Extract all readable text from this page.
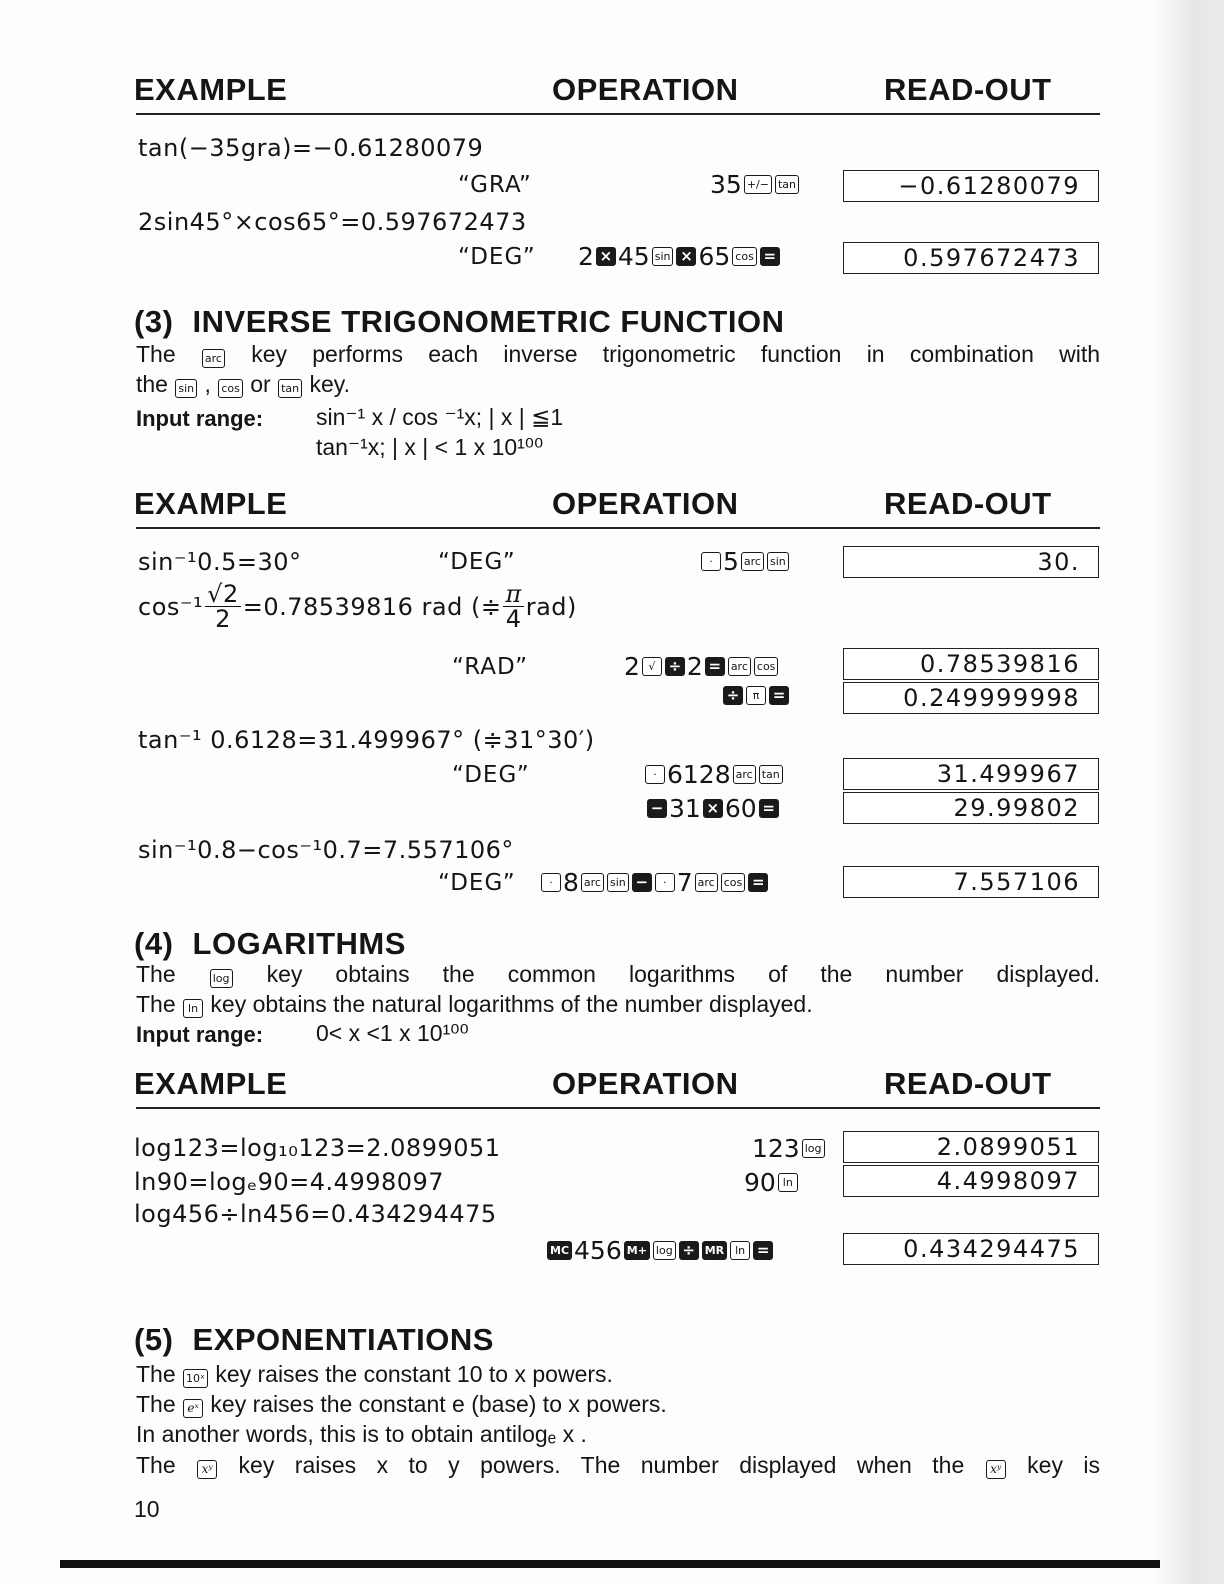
EXAMPLE	OPERATION	READ-OUT
tan(−35gra)=−0.61280079
“GRA”	35 +/− tan	−0.61280079
2sin45°×cos65°=0.597672473
“DEG” 2 × 45 sin × 65 cos =	0.597672473
(3) INVERSE TRIGONOMETRIC FUNCTION
The	arc key performs each inverse trigonometric function in combination with
the sin , cos or tan key.
Input range: sin⁻¹ x / cos ⁻¹x; | x | ≦1
tan⁻¹x; | x | < 1 x 10¹⁰⁰
EXAMPLE	OPERATION	READ-OUT
sin⁻¹0.5=30°	“DEG”	· 5 arc sin	30.
$\cos^{-1} \frac{√2}{2} =0.78539816$ rad (≑ $\frac{\pi}{4} rad$)
“RAD”	2 √ ÷ 2 = arc cos	0.78539816
÷	π =	0.249999998
tan⁻¹ 0.6128=31.499967° (≑31°30′)
“DEG”	· 6128 arc tan	31.499967
− 31 × 60 =	29.99802
sin⁻¹0.8−cos⁻¹0.7=7.557106°
“DEG”	· 8 arc sin −	· 7 arc cos =	7.557106
(4) LOGARITHMS
The	log key obtains the common logarithms of the number displayed.
The ln key obtains the natural logarithms of the number displayed.
Input range: 0< x <1 x 10¹⁰⁰
EXAMPLE	OPERATION	READ-OUT
log123=log₁₀123=2.0899051	123 log	2.0899051
ln90=logₑ90=4.4998097	90 ln	4.4998097
log456÷ln456=0.434294475
MC 456 M+ log ÷ MR ln =	0.434294475
(5) EXPONENTIATIONS
The 10ˣ key raises the constant 10 to x powers.
The eˣ key raises the constant e (base) to x powers.
In another words, this is to obtain antilogₑ x .
The xʸ key raises x to y powers. The number displayed when the xʸ key is
10
